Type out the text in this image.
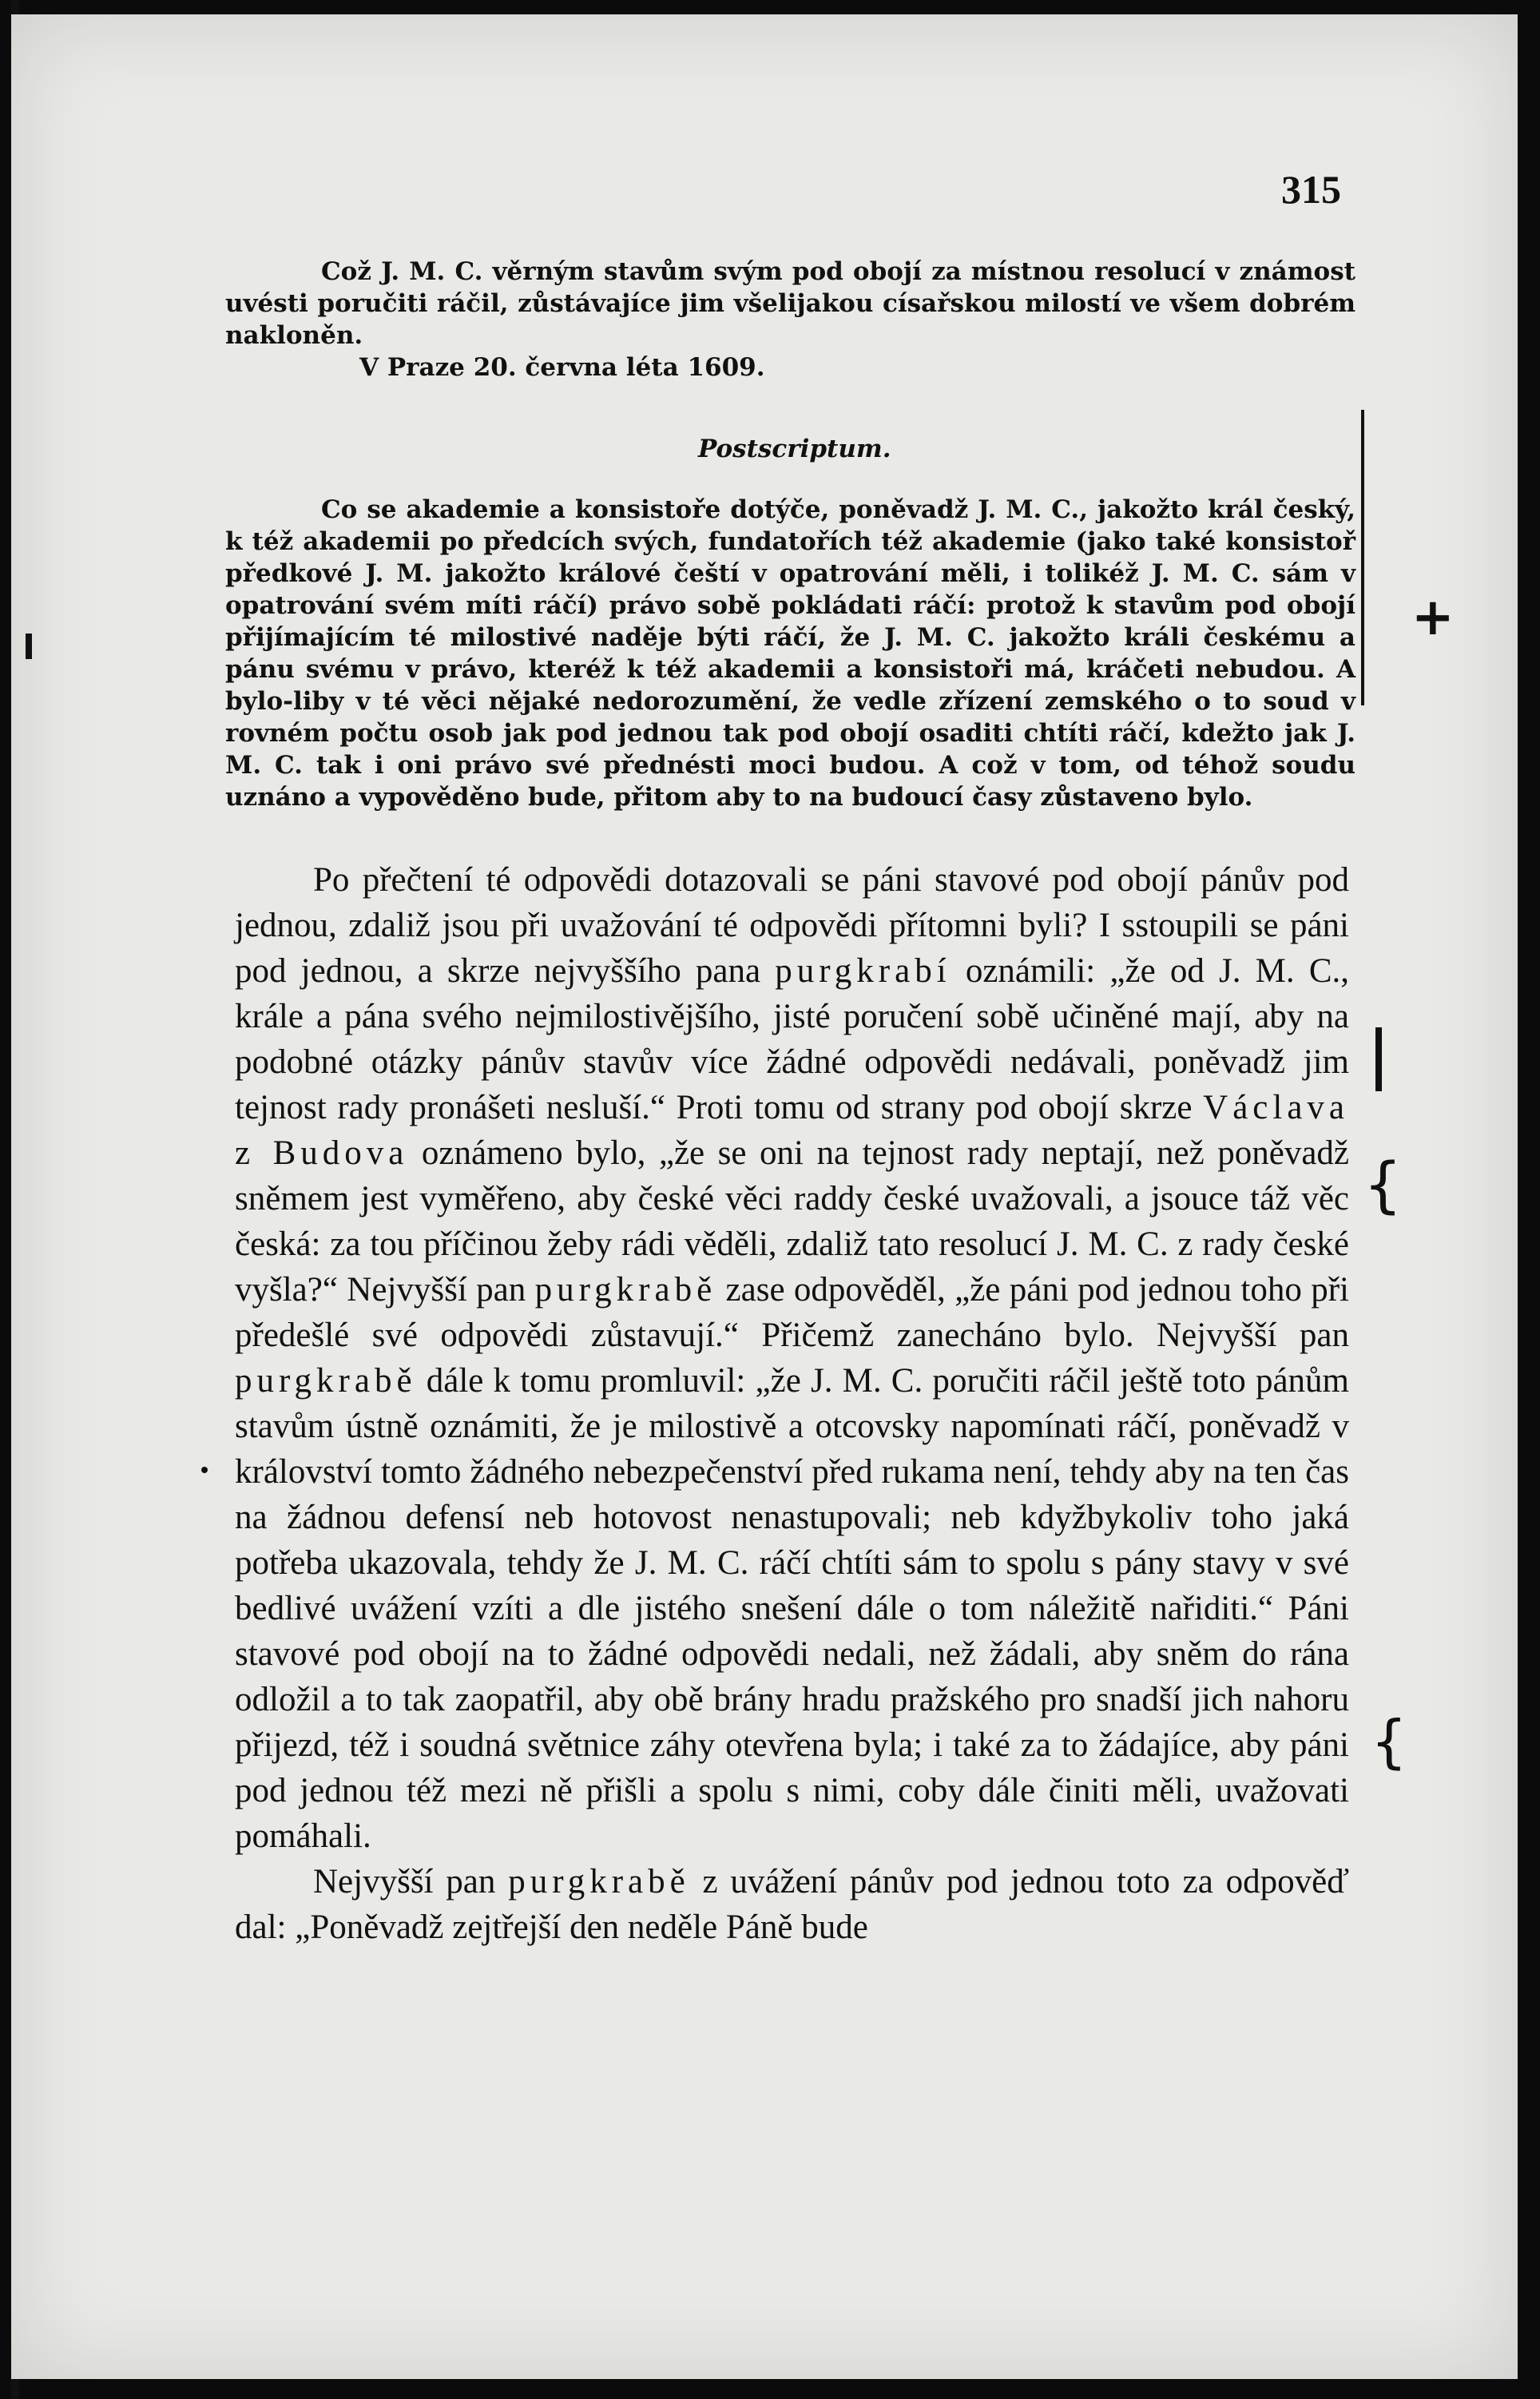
315

Což J. M. C. věrným stavům svým pod obojí za místnou resolucí v známost uvésti poručiti ráčil, zůstávajíce jim všelijakou císařskou milostí ve všem dobrém nakloněn.

V Praze 20. června léta 1609.

Postscriptum.

Co se akademie a konsistoře dotýče, poněvadž J. M. C., jakožto král český, k též akademii po předcích svých, fundatořích též akademie (jako také konsistoř předkové J. M. jakožto králové čeští v opatrování měli, i tolikéž J. M. C. sám v opatrování svém míti ráčí) právo sobě pokládati ráčí: protož k stavům pod obojí přijímajícím té milostivé naděje býti ráčí, že J. M. C. jakožto králi českému a pánu svému v právo, kteréž k též akademii a konsistoři má, kráčeti nebudou. A bylo-liby v té věci nějaké nedorozumění, že vedle zřízení zemského o to soud v rovném počtu osob jak pod jednou tak pod obojí osaditi chtíti ráčí, kdežto jak J. M. C. tak i oni právo své přednésti moci budou. A což v tom, od téhož soudu uznáno a vypověděno bude, přitom aby to na budoucí časy zůstaveno bylo.

Po přečtení té odpovědi dotazovali se páni stavové pod obojí pánův pod jednou, zdaliž jsou při uvažování té odpovědi přítomni byli? I sstoupili se páni pod jednou, a skrze nejvyššího pana purgkrabí oznámili: „že od J. M. C., krále a pána svého nejmilostivějšího, jisté poručení sobě učiněné mají, aby na podobné otázky pánův stavův více žádné odpovědi nedávali, poněvadž jim tejnost rady pronášeti nesluší.“ Proti tomu od strany pod obojí skrze Václava z Budova oznámeno bylo, „že se oni na tejnost rady neptají, než poněvadž sněmem jest vyměřeno, aby české věci raddy české uvažovali, a jsouce táž věc česká: za tou příčinou žeby rádi věděli, zdaliž tato resolucí J. M. C. z rady české vyšla?“ Nejvyšší pan purgkrabě zase odpověděl, „že páni pod jednou toho při předešlé své odpovědi zůstavují.“ Přičemž zanecháno bylo. Nejvyšší pan purgkrabě dále k tomu promluvil: „že J. M. C. poručiti ráčil ještě toto pánům stavům ústně oznámiti, že je milostivě a otcovsky napomínati ráčí, poněvadž v království tomto žádného nebezpečenství před rukama není, tehdy aby na ten čas na žádnou defensí neb hotovost nenastupovali; neb kdyžbykoliv toho jaká potřeba ukazovala, tehdy že J. M. C. ráčí chtíti sám to spolu s pány stavy v své bedlivé uvážení vzíti a dle jistého snešení dále o tom náležitě nařiditi.“ Páni stavové pod obojí na to žádné odpovědi nedali, než žádali, aby sněm do rána odložil a to tak zaopatřil, aby obě brány hradu pražského pro snadší jich nahoru přijezd, též i soudná světnice záhy otevřena byla; i také za to žádajíce, aby páni pod jednou též mezi ně přišli a spolu s nimi, coby dále činiti měli, uvažovati pomáhali.

Nejvyšší pan purgkrabě z uvážení pánův pod jednou toto za odpověď dal: „Poněvadž zejtřejší den neděle Páně bude

+
{
{
